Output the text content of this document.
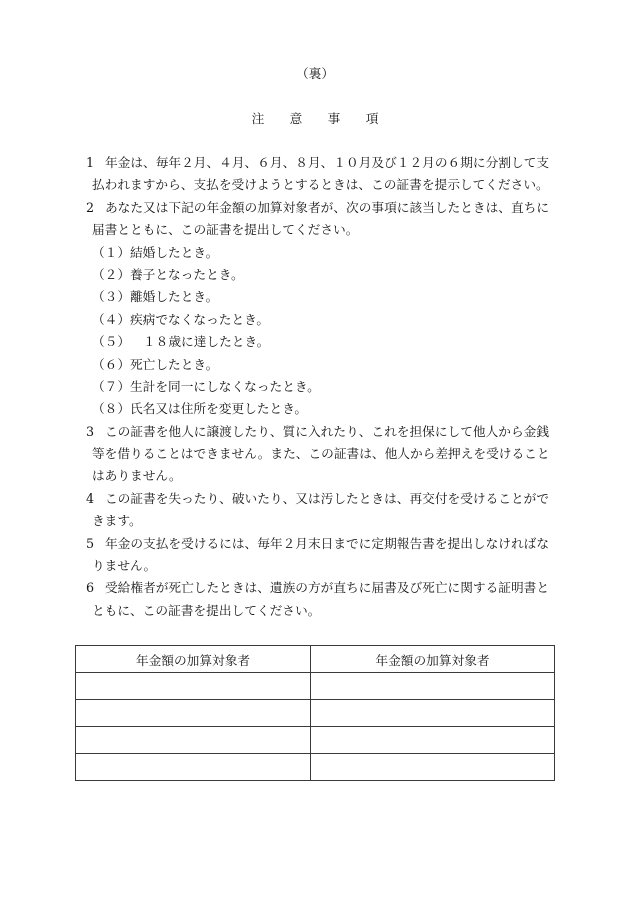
（裏）
注　　意　　事　　項
1 年金は、毎年２月、４月、６月、８月、１０月及び１２月の６期に分割して支
払われますから、支払を受けようとするときは、この証書を提示してください。
2 あなた又は下記の年金額の加算対象者が、次の事項に該当したときは、直ちに
届書とともに、この証書を提出してください。
（１） 結婚したとき。
（２） 養子となったとき。
（３） 離婚したとき。
（４） 疾病でなくなったとき。
（５） １８歳に達したとき。
（６） 死亡したとき。
（７） 生計を同一にしなくなったとき。
（８） 氏名又は住所を変更したとき。
3 この証書を他人に譲渡したり、質に入れたり、これを担保にして他人から金銭
等を借りることはできません。また、この証書は、他人から差押えを受けること
はありません。
4 この証書を失ったり、破いたり、又は汚したときは、再交付を受けることがで
きます。
5 年金の支払を受けるには、毎年２月末日までに定期報告書を提出しなければな
りません。
6 受給権者が死亡したときは、遺族の方が直ちに届書及び死亡に関する証明書と
ともに、この証書を提出してください。
年金額の加算対象者	年金額の加算対象者
